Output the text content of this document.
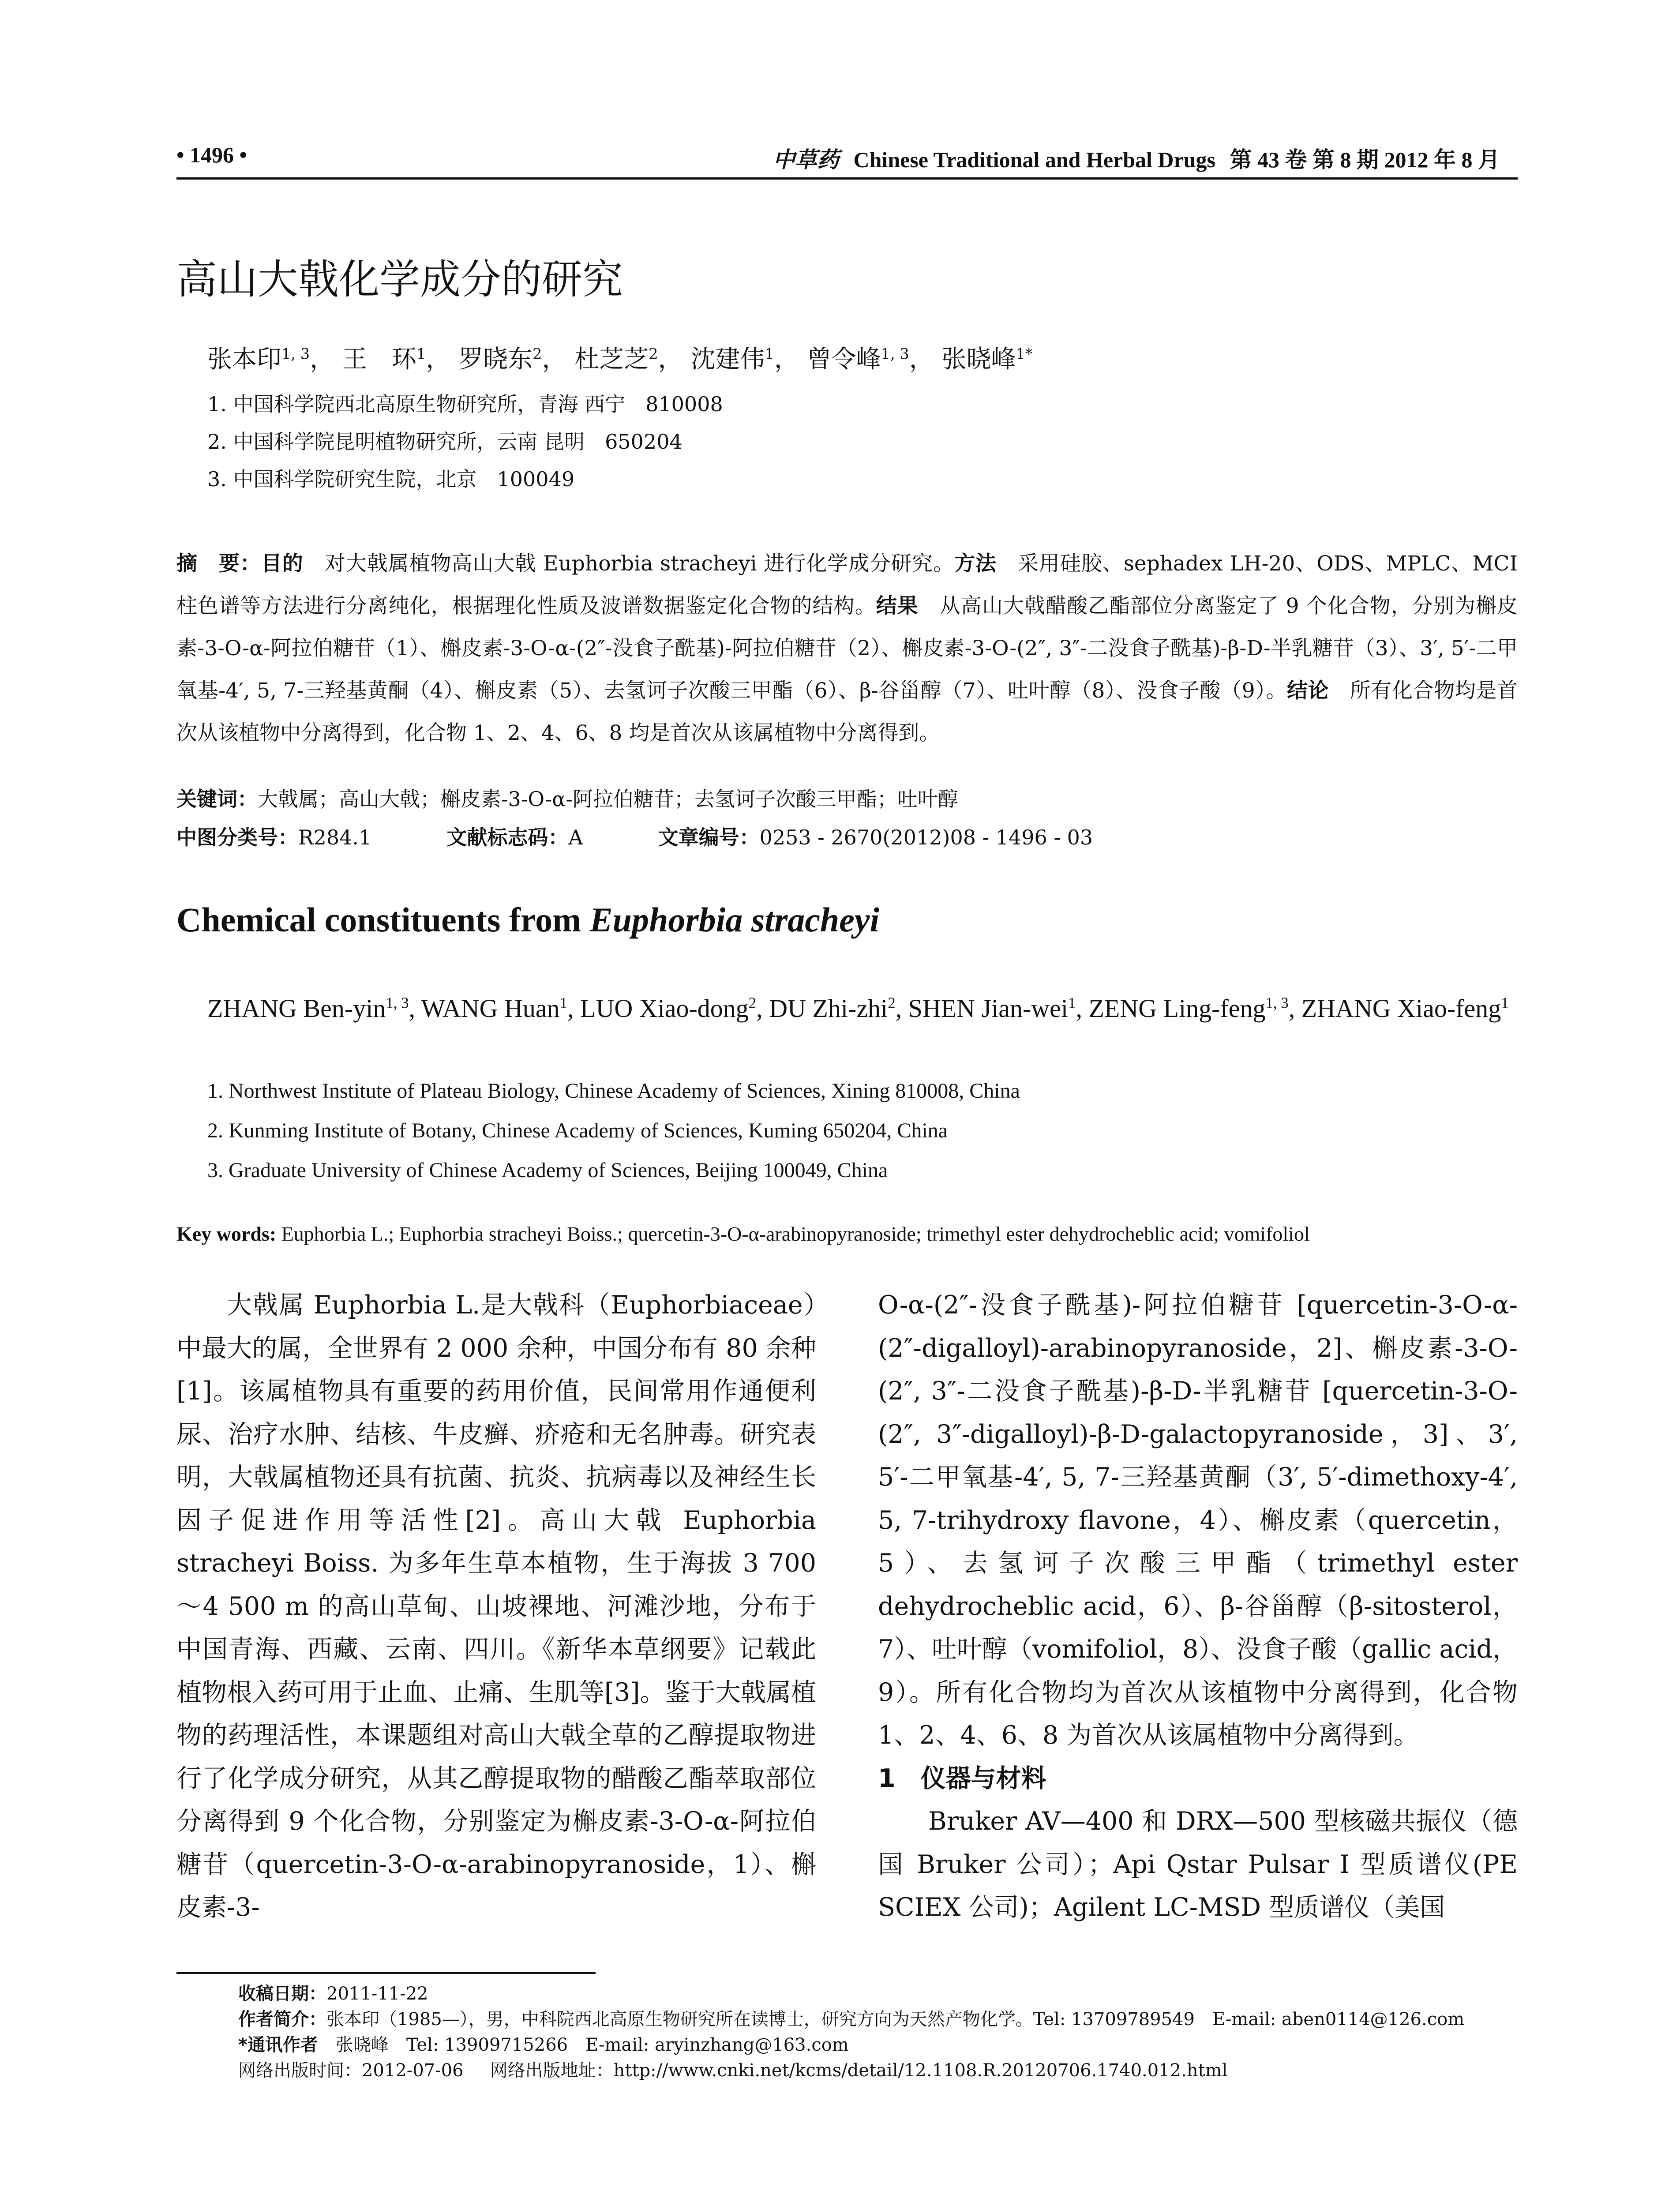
• 1496 •	中草药 Chinese Traditional and Herbal Drugs 第 43 卷 第 8 期 2012 年 8 月
高山大戟化学成分的研究
张本印$^{1, 3}$， 王　环$^1$， 罗晓东$^2$， 杜芝芝$^2$， 沈建伟$^1$， 曾令峰$^{1, 3}$， 张晓峰$^{1*}$
1. 中国科学院西北高原生物研究所，青海 西宁　810008
2. 中国科学院昆明植物研究所，云南 昆明　650204
3. 中国科学院研究生院，北京　100049
摘　要：目的　对大戟属植物高山大戟 Euphorbia stracheyi 进行化学成分研究。方法　采用硅胶、sephadex LH-20、ODS、MPLC、MCI 柱色谱等方法进行分离纯化，根据理化性质及波谱数据鉴定化合物的结构。结果　从高山大戟醋酸乙酯部位分离鉴定了 9 个化合物，分别为槲皮素-3-O-α-阿拉伯糖苷（1）、槲皮素-3-O-α-(2″-没食子酰基)-阿拉伯糖苷（2）、槲皮素-3-O-(2″, 3″-二没食子酰基)-β-D-半乳糖苷（3）、3′, 5′-二甲氧基-4′, 5, 7-三羟基黄酮（4）、槲皮素（5）、去氢诃子次酸三甲酯（6）、β-谷甾醇（7）、吐叶醇（8）、没食子酸（9）。结论　所有化合物均是首次从该植物中分离得到，化合物 1、2、4、6、8 均是首次从该属植物中分离得到。
关键词：大戟属；高山大戟；槲皮素-3-O-α-阿拉伯糖苷；去氢诃子次酸三甲酯；吐叶醇
中图分类号：R284.1	文献标志码：A	文章编号：0253 - 2670(2012)08 - 1496 - 03
Chemical constituents from Euphorbia stracheyi
ZHANG Ben-yin$^{1, 3}$, WANG Huan$^1$, LUO Xiao-dong$^2$, DU Zhi-zhi$^2$, SHEN Jian-wei$^1$, ZENG Ling-feng$^{1, 3}$, ZHANG Xiao-feng$^1$
1. Northwest Institute of Plateau Biology, Chinese Academy of Sciences, Xining 810008, China
2. Kunming Institute of Botany, Chinese Academy of Sciences, Kuming 650204, China
3. Graduate University of Chinese Academy of Sciences, Beijing 100049, China
Key words: Euphorbia L.; Euphorbia stracheyi Boiss.; quercetin-3-O-α-arabinopyranoside; trimethyl ester dehydrocheblic acid; vomifoliol
大戟属 Euphorbia L.是大戟科（Euphorbiaceae）中最大的属，全世界有 2 000 余种，中国分布有 80 余种[1]。该属植物具有重要的药用价值，民间常用作通便利尿、治疗水肿、结核、牛皮癣、疥疮和无名肿毒。研究表明，大戟属植物还具有抗菌、抗炎、抗病毒以及神经生长因子促进作用等活性[2]。高山大戟 Euphorbia stracheyi Boiss. 为多年生草本植物，生于海拔 3 700～4 500 m 的高山草甸、山坡裸地、河滩沙地，分布于中国青海、西藏、云南、四川。《新华本草纲要》记载此植物根入药可用于止血、止痛、生肌等[3]。鉴于大戟属植物的药理活性，本课题组对高山大戟全草的乙醇提取物进行了化学成分研究，从其乙醇提取物的醋酸乙酯萃取部位分离得到 9 个化合物，分别鉴定为槲皮素-3-O-α-阿拉伯糖苷（quercetin-3-O-α-arabinopyranoside，1）、槲皮素-3-

O-α-(2″-没食子酰基)-阿拉伯糖苷 [quercetin-3-O-α-(2″-digalloyl)-arabinopyranoside，2]、槲皮素-3-O-(2″, 3″-二没食子酰基)-β-D-半乳糖苷 [quercetin-3-O-(2″, 3″-digalloyl)-β-D-galactopyranoside，3]、3′, 5′-二甲氧基-4′, 5, 7-三羟基黄酮（3′, 5′-dimethoxy-4′, 5, 7-trihydroxy flavone，4）、槲皮素（quercetin，5）、去氢诃子次酸三甲酯（trimethyl ester dehydrocheblic acid，6）、β-谷甾醇（β-sitosterol，7）、吐叶醇（vomifoliol，8）、没食子酸（gallic acid，9）。所有化合物均为首次从该植物中分离得到，化合物 1、2、4、6、8 为首次从该属植物中分离得到。

1　仪器与材料

Bruker AV—400 和 DRX—500 型核磁共振仪（德国 Bruker 公司）；Api Qstar Pulsar I 型质谱仪(PE SCIEX 公司)；Agilent LC-MSD 型质谱仪（美国

收稿日期：2011-11-22
作者简介：张本印（1985—），男，中科院西北高原生物研究所在读博士，研究方向为天然产物化学。Tel: 13709789549　E-mail: aben0114@126.com
*通讯作者　 张晓峰　Tel: 13909715266　E-mail: aryinzhang@163.com
网络出版时间：2012-07-06 网络出版地址：http://www.cnki.net/kcms/detail/12.1108.R.20120706.1740.012.html
